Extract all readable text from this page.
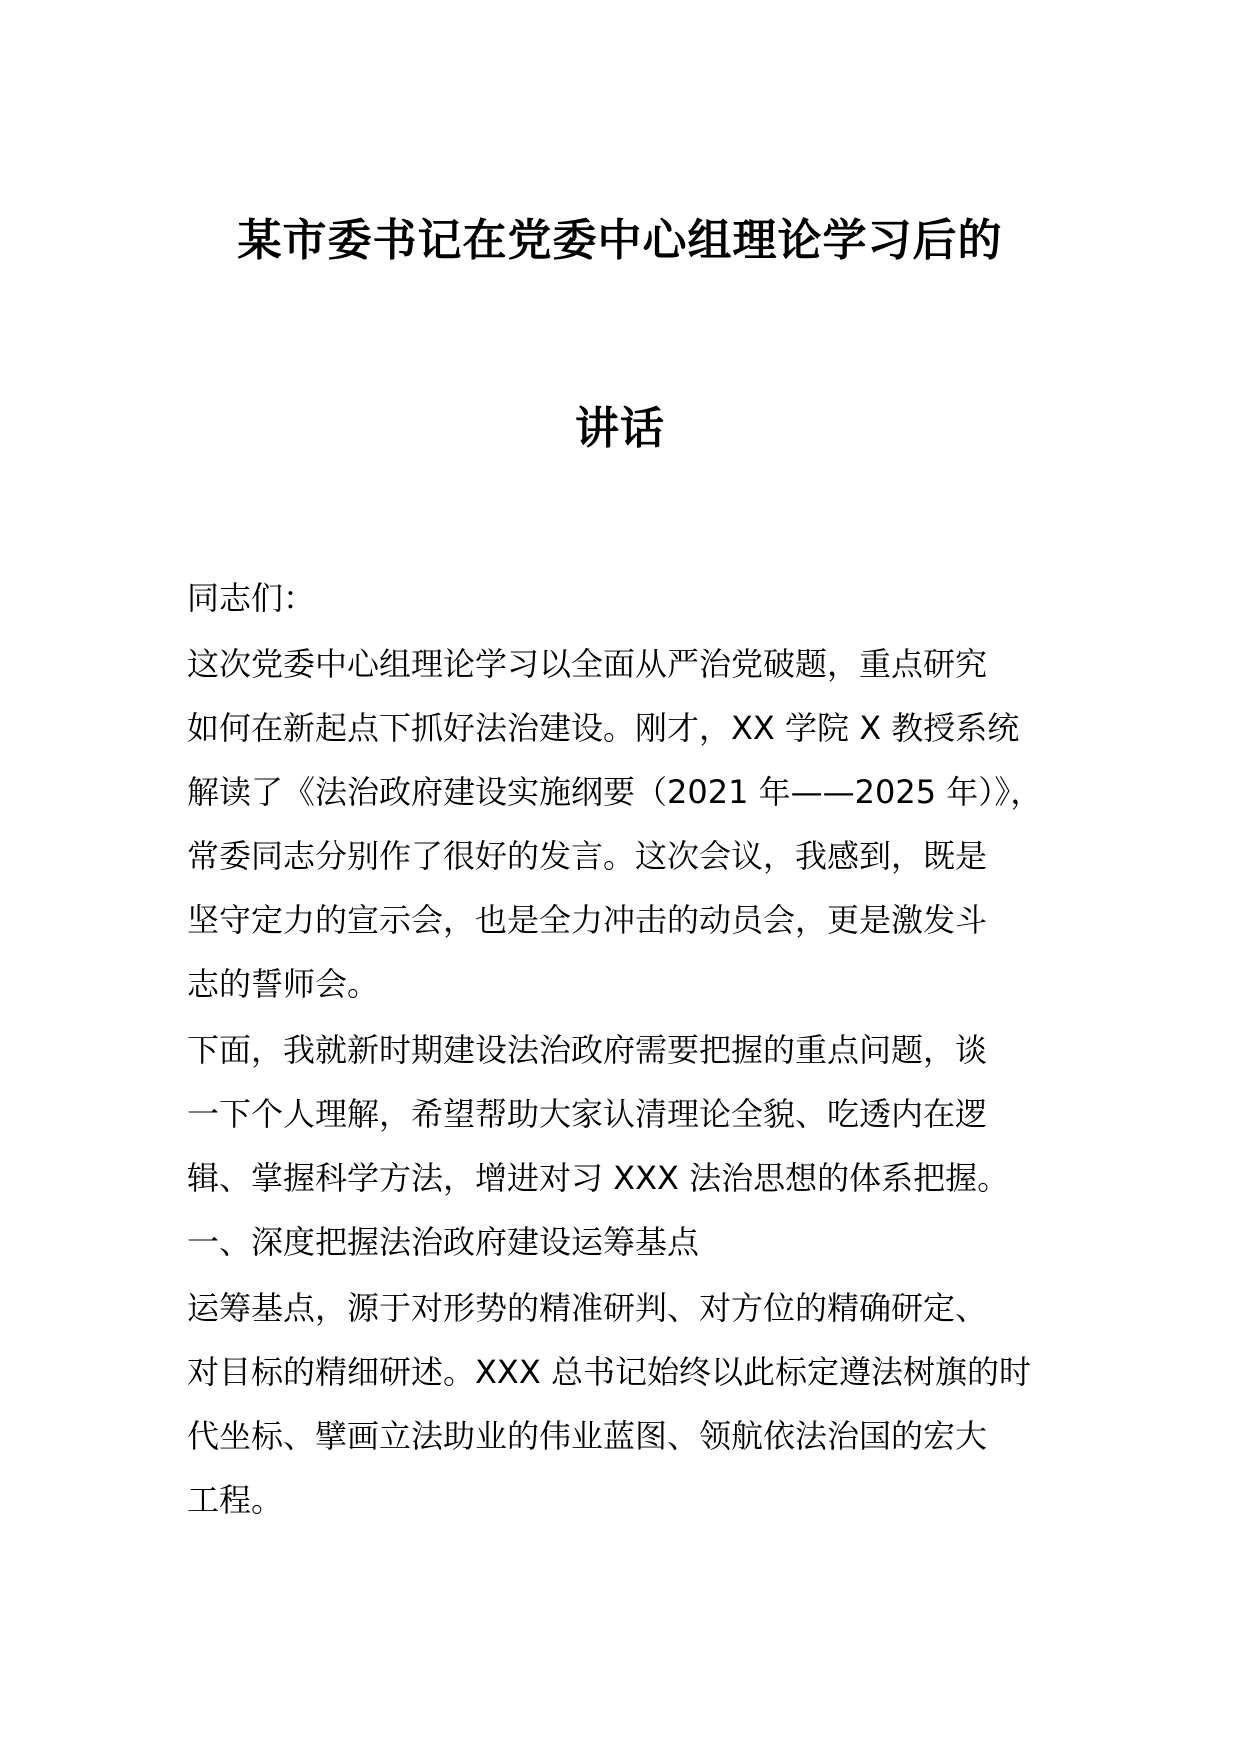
某市委书记在党委中心组理论学习后的
讲话
同志们：
这次党委中心组理论学习以全面从严治党破题，重点研究
如何在新起点下抓好法治建设。刚才，XX 学院 X 教授系统
解读了《法治政府建设实施纲要（2021 年——2025 年）》，
常委同志分别作了很好的发言。这次会议，我感到，既是
坚守定力的宣示会，也是全力冲击的动员会，更是激发斗
志的誓师会。
下面，我就新时期建设法治政府需要把握的重点问题，谈
一下个人理解，希望帮助大家认清理论全貌、吃透内在逻
辑、掌握科学方法，增进对习 XXX 法治思想的体系把握。
一、深度把握法治政府建设运筹基点
运筹基点，源于对形势的精准研判、对方位的精确研定、
对目标的精细研述。XXX 总书记始终以此标定遵法树旗的时
代坐标、擘画立法助业的伟业蓝图、领航依法治国的宏大
工程。
